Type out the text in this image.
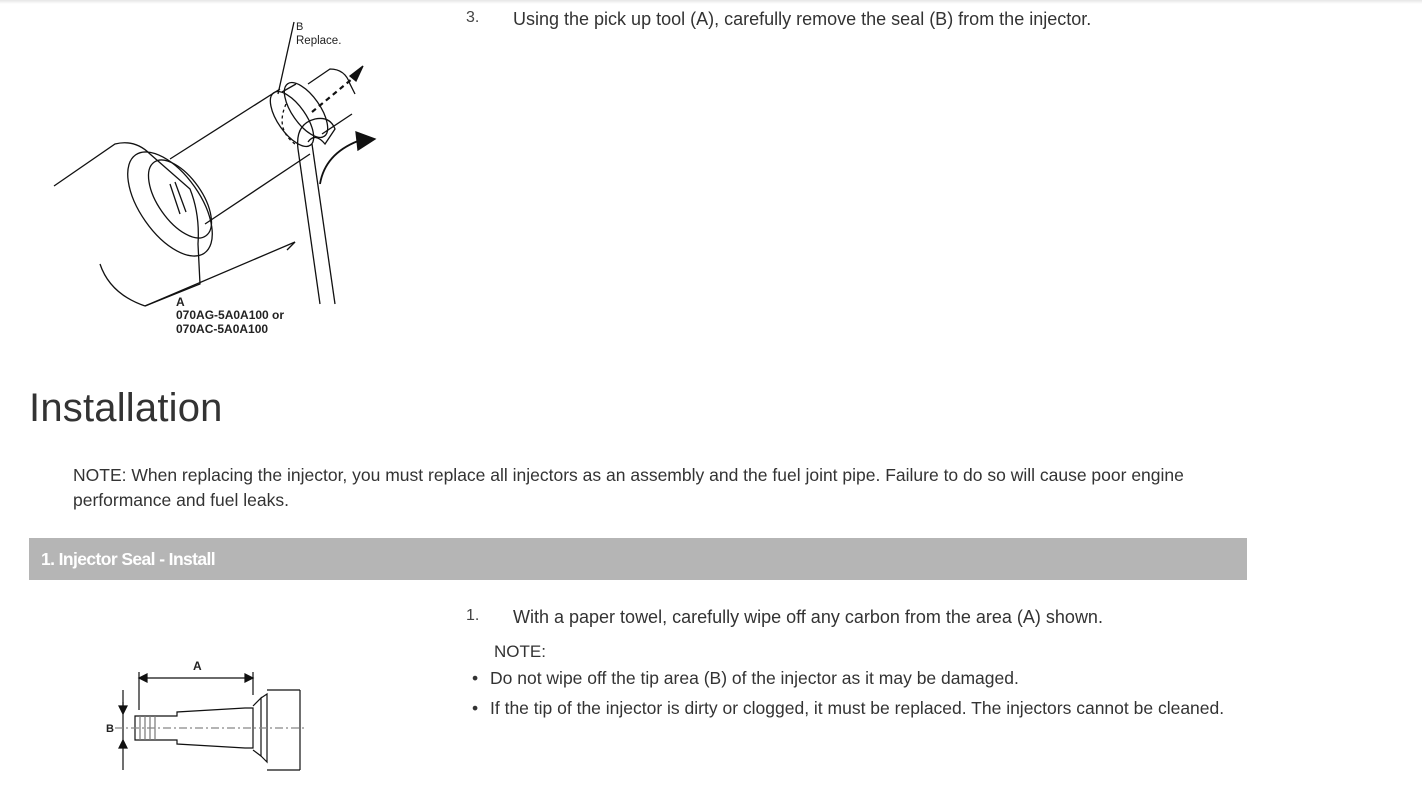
B
Replace.
A
070AG-5A0A100 or
070AC-5A0A100
3. Using the pick up tool (A), carefully remove the seal (B) from the injector.
Installation
NOTE: When replacing the injector, you must replace all injectors as an assembly and the fuel joint pipe. Failure to do so will cause poor engine performance and fuel leaks.
1. Injector Seal - Install
A
B
1. With a paper towel, carefully wipe off any carbon from the area (A) shown.
NOTE:
• Do not wipe off the tip area (B) of the injector as it may be damaged.
• If the tip of the injector is dirty or clogged, it must be replaced. The injectors cannot be cleaned.
